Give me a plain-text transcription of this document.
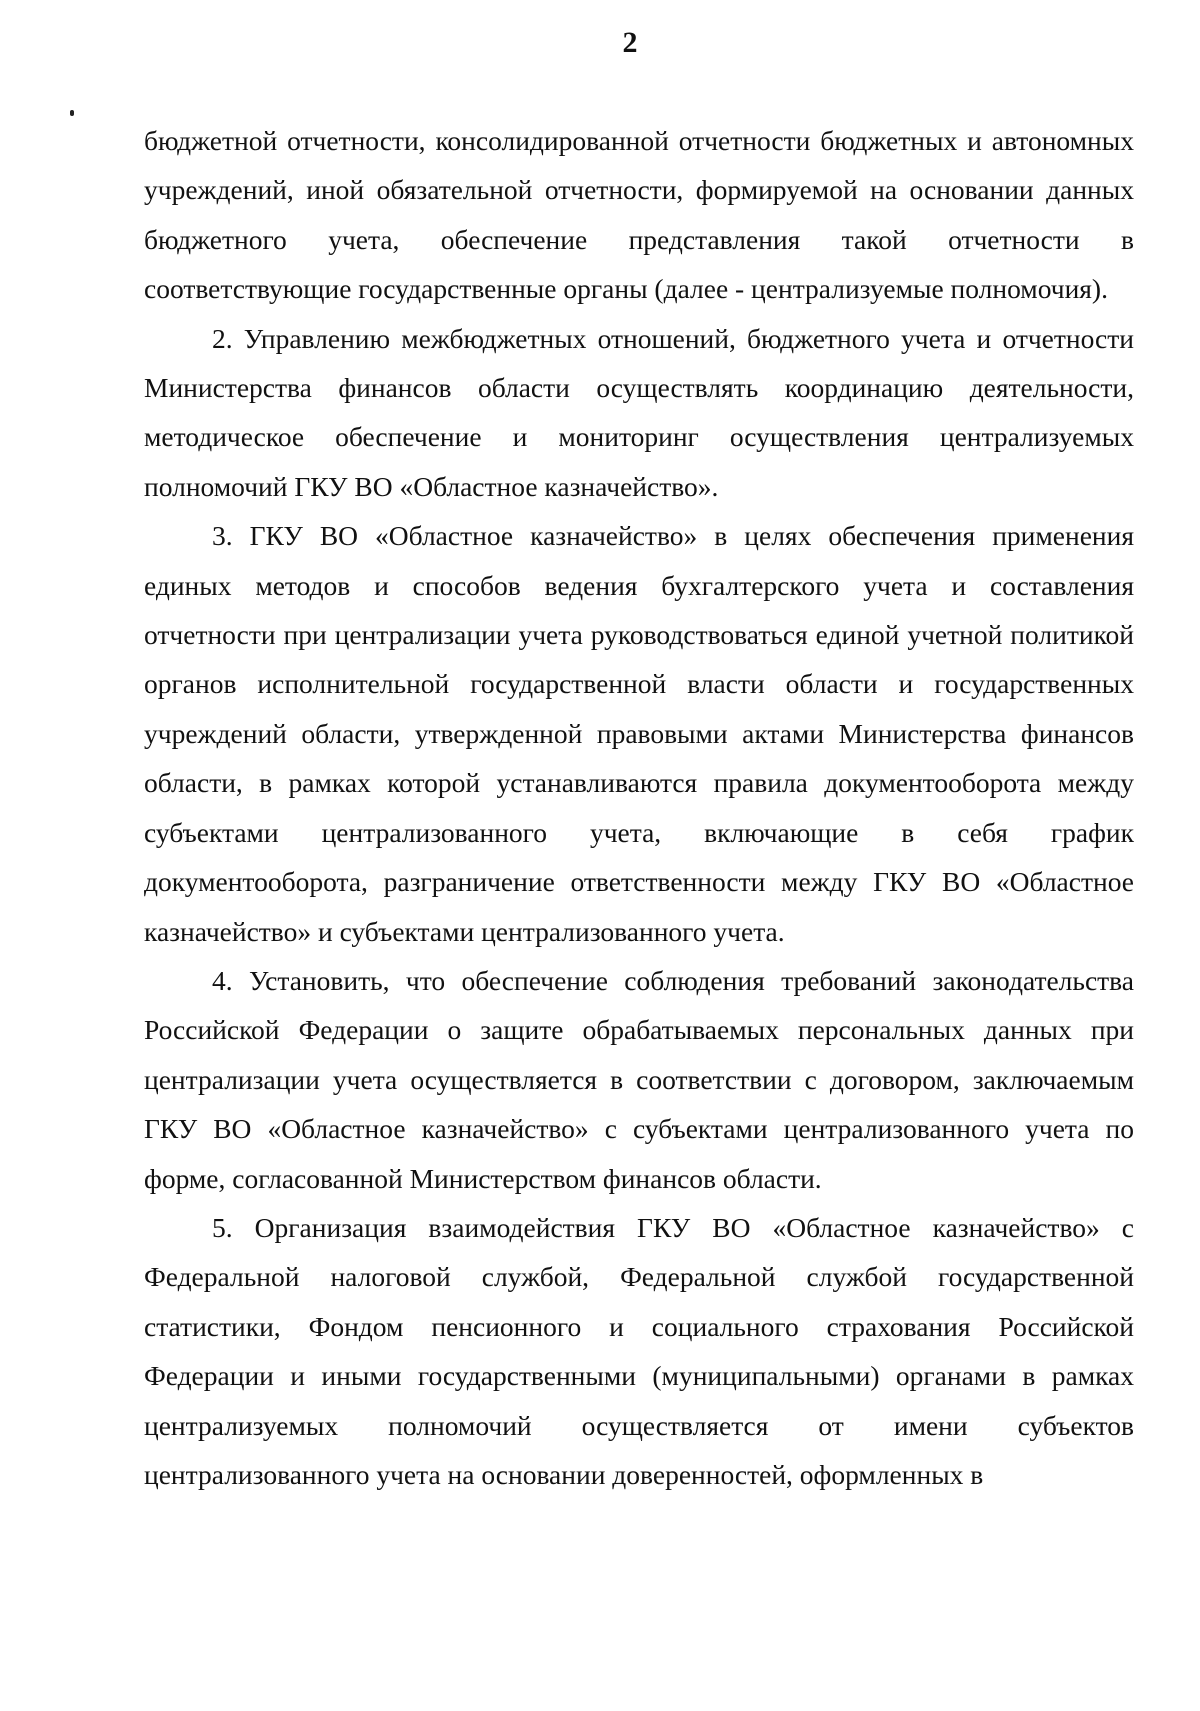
2

бюджетной отчетности, консолидированной отчетности бюджетных и автономных учреждений, иной обязательной отчетности, формируемой на основании данных бюджетного учета, обеспечение представления такой отчетности в соответствующие государственные органы (далее - централизуемые полномочия).

2. Управлению межбюджетных отношений, бюджетного учета и отчетности Министерства финансов области осуществлять координацию деятельности, методическое обеспечение и мониторинг осуществления централизуемых полномочий ГКУ ВО «Областное казначейство».

3. ГКУ ВО «Областное казначейство» в целях обеспечения применения единых методов и способов ведения бухгалтерского учета и составления отчетности при централизации учета руководствоваться единой учетной политикой органов исполнительной государственной власти области и государственных учреждений области, утвержденной правовыми актами Министерства финансов области, в рамках которой устанавливаются правила документооборота между субъектами централизованного учета, включающие в себя график документооборота, разграничение ответственности между ГКУ ВО «Областное казначейство» и субъектами централизованного учета.

4. Установить, что обеспечение соблюдения требований законодательства Российской Федерации о защите обрабатываемых персональных данных при централизации учета осуществляется в соответствии с договором, заключаемым ГКУ ВО «Областное казначейство» с субъектами централизованного учета по форме, согласованной Министерством финансов области.

5. Организация взаимодействия ГКУ ВО «Областное казначейство» с Федеральной налоговой службой, Федеральной службой государственной статистики, Фондом пенсионного и социального страхования Российской Федерации и иными государственными (муниципальными) органами в рамках централизуемых полномочий осуществляется от имени субъектов централизованного учета на основании доверенностей, оформленных в
